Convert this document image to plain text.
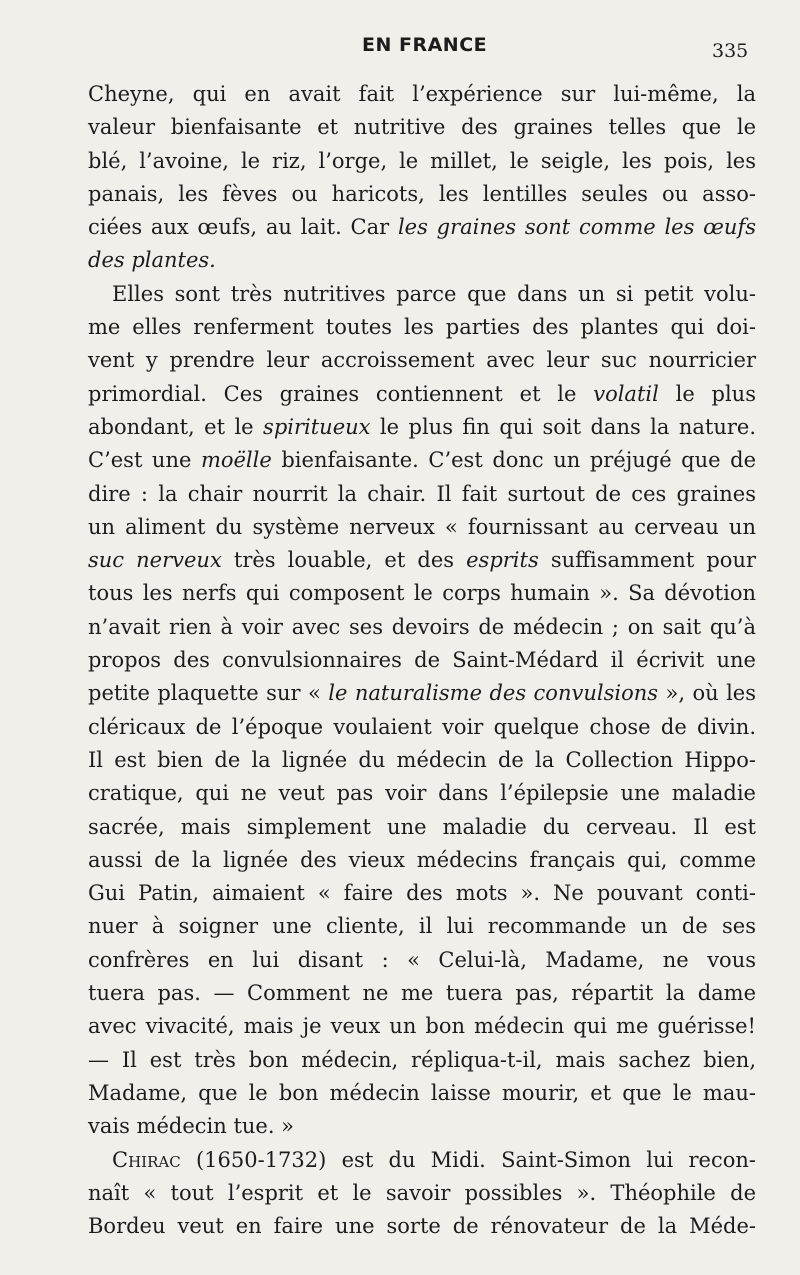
EN FRANCE	335
Cheyne, qui en avait fait l’expérience sur lui-même, la
valeur bienfaisante et nutritive des graines telles que le
blé, l’avoine, le riz, l’orge, le millet, le seigle, les pois, les
panais, les fèves ou haricots, les lentilles seules ou asso-
ciées aux œufs, au lait. Car les graines sont comme les œufs
des plantes.
Elles sont très nutritives parce que dans un si petit volu-
me elles renferment toutes les parties des plantes qui doi-
vent y prendre leur accroissement avec leur suc nourricier
primordial. Ces graines contiennent et le volatil le plus
abondant, et le spiritueux le plus fin qui soit dans la nature.
C’est une moëlle bienfaisante. C’est donc un préjugé que de
dire : la chair nourrit la chair. Il fait surtout de ces graines
un aliment du système nerveux « fournissant au cerveau un
suc nerveux très louable, et des esprits suffisamment pour
tous les nerfs qui composent le corps humain ». Sa dévotion
n’avait rien à voir avec ses devoirs de médecin ; on sait qu’à
propos des convulsionnaires de Saint-Médard il écrivit une
petite plaquette sur « le naturalisme des convulsions », où les
cléricaux de l’époque voulaient voir quelque chose de divin.
Il est bien de la lignée du médecin de la Collection Hippo-
cratique, qui ne veut pas voir dans l’épilepsie une maladie
sacrée, mais simplement une maladie du cerveau. Il est
aussi de la lignée des vieux médecins français qui, comme
Gui Patin, aimaient « faire des mots ». Ne pouvant conti-
nuer à soigner une cliente, il lui recommande un de ses
confrères en lui disant : « Celui-là, Madame, ne vous
tuera pas. — Comment ne me tuera pas, répartit la dame
avec vivacité, mais je veux un bon médecin qui me guérisse!
— Il est très bon médecin, répliqua-t-il, mais sachez bien,
Madame, que le bon médecin laisse mourir, et que le mau-
vais médecin tue. »
Chirac (1650-1732) est du Midi. Saint-Simon lui recon-
naît « tout l’esprit et le savoir possibles ». Théophile de
Bordeu veut en faire une sorte de rénovateur de la Méde-
